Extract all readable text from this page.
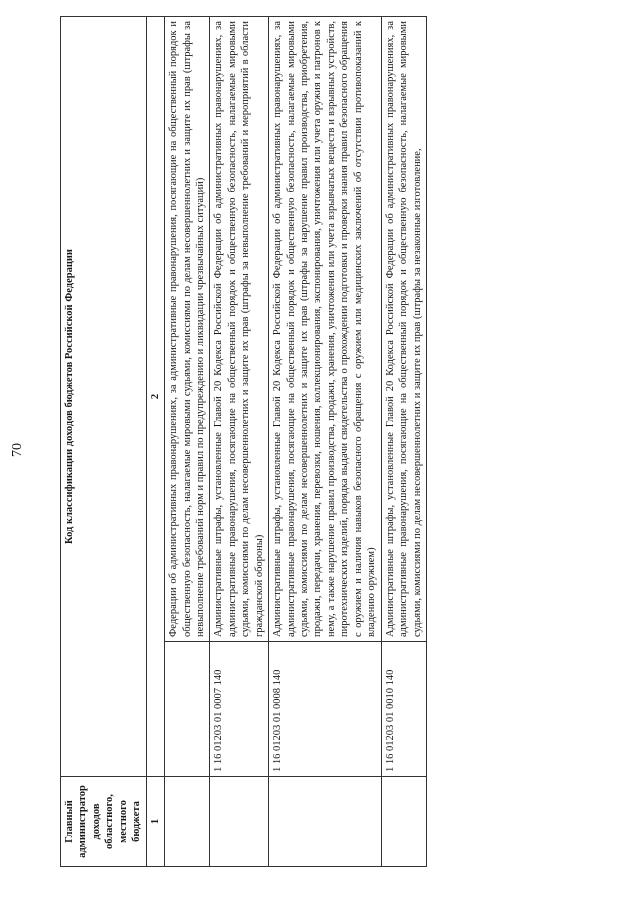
70
Главный администратор доходов областного, местного бюджета	Код классификации доходов бюджетов Российской Федерации	
1	2	
		Федерации об административных правонарушениях, за административные правонарушения, посягающие на общественный порядок и общественную безопасность, налагаемые мировыми судьями, комиссиями по делам несовершеннолетних и защите их прав (штрафы за невыполнение требований норм и правил по предупреждению и ликвидации чрезвычайных ситуаций)
	1 16 01203 01 0007 140	Административные штрафы, установленные Главой 20 Кодекса Российской Федерации об административных правонарушениях, за административные правонарушения, посягающие на общественный порядок и общественную безопасность, налагаемые мировыми судьями, комиссиями по делам несовершеннолетних и защите их прав (штрафы за невыполнение требований и мероприятий в области гражданской обороны)
	1 16 01203 01 0008 140	Административные штрафы, установленные Главой 20 Кодекса Российской Федерации об административных правонарушениях, за административные правонарушения, посягающие на общественный порядок и общественную безопасность, налагаемые мировыми судьями, комиссиями по делам несовершеннолетних и защите их прав (штрафы за нарушение правил производства, приобретения, продажи, передачи, хранения, перевозки, ношения, коллекционирования, экспонирования, уничтожения или учета оружия и патронов к нему, а также нарушение правил производства, продажи, хранения, уничтожения или учета взрывчатых веществ и взрывных устройств, пиротехнических изделий, порядка выдачи свидетельства о прохождении подготовки и проверки знания правил безопасного обращения с оружием и наличия навыков безопасного обращения с оружием или медицинских заключений об отсутствии противопоказаний к владению оружием)
	1 16 01203 01 0010 140	Административные штрафы, установленные Главой 20 Кодекса Российской Федерации об административных правонарушениях, за административные правонарушения, посягающие на общественный порядок и общественную безопасность, налагаемые мировыми судьями, комиссиями по делам несовершеннолетних и защите их прав (штрафы за незаконные изготовление,
